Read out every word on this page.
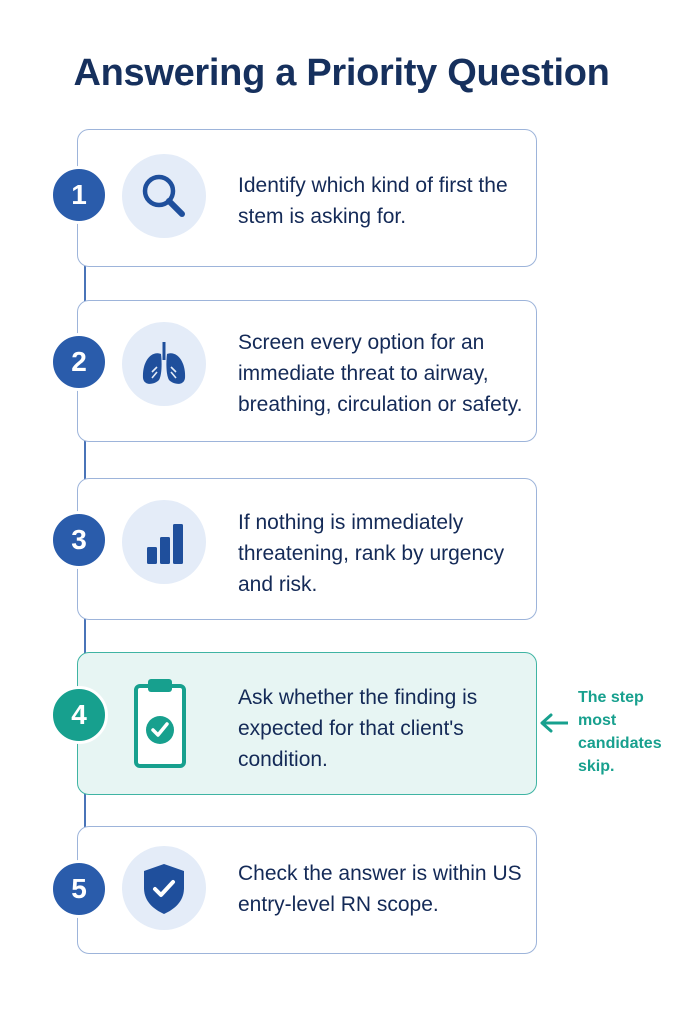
Answering a Priority Question
1	Identify which kind of first the stem is asking for.
2
Screen every option for an immediate threat to airway, breathing, circulation or safety.
3
If nothing is immediately threatening, rank by urgency and risk.
4
Ask whether the finding is expected for that client's condition.
The step most candidates skip.
5	Check the answer is within US entry-level RN scope.
